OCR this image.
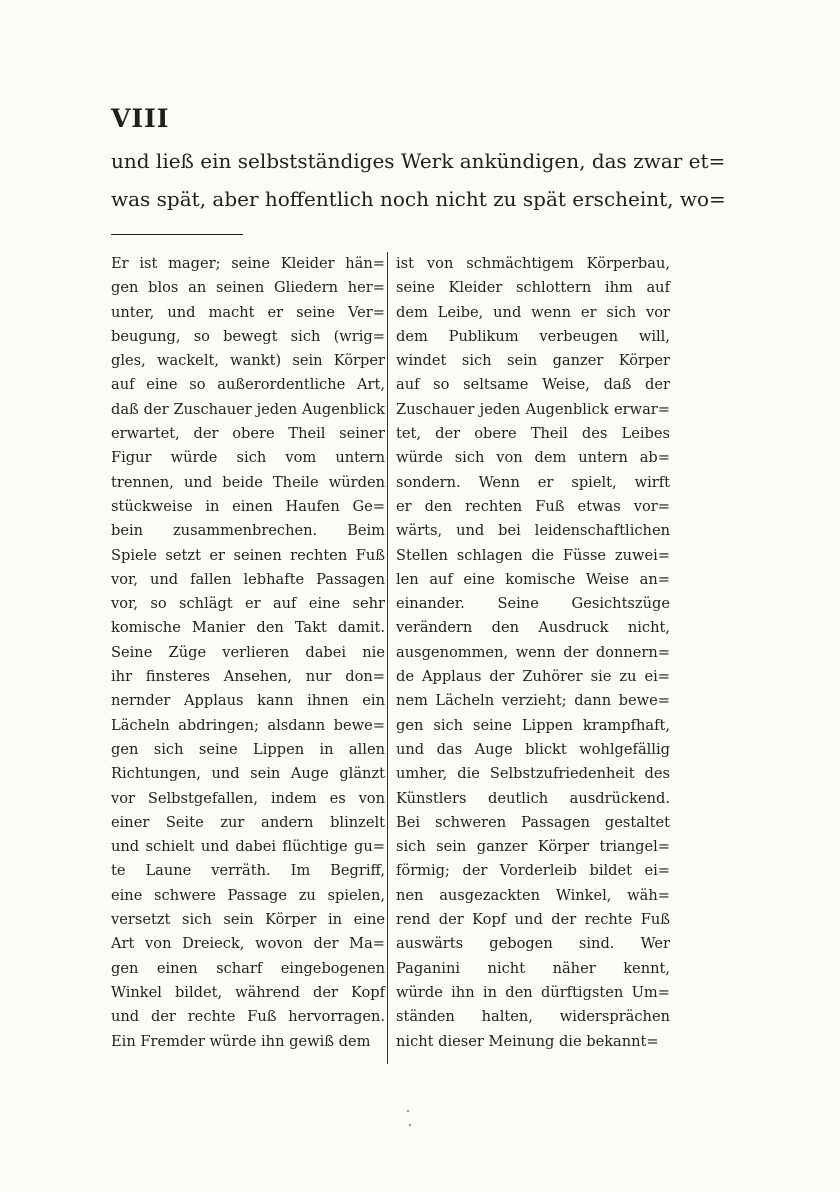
VIII
und ließ ein selbstständiges Werk ankündigen, das zwar et=
was spät, aber hoffentlich noch nicht zu spät erscheint, wo=
Er ist mager; seine Kleider hän=
gen blos an seinen Gliedern her=
unter, und macht er seine Ver=
beugung, so bewegt sich (wrig=
gles, wackelt, wankt) sein Körper
auf eine so außerordentliche Art,
daß der Zuschauer jeden Augenblick
erwartet, der obere Theil seiner
Figur würde sich vom untern
trennen, und beide Theile würden
stückweise in einen Haufen Ge=
bein zusammenbrechen. Beim
Spiele setzt er seinen rechten Fuß
vor, und fallen lebhafte Passagen
vor, so schlägt er auf eine sehr
komische Manier den Takt damit.
Seine Züge verlieren dabei nie
ihr finsteres Ansehen, nur don=
nernder Applaus kann ihnen ein
Lächeln abdringen; alsdann bewe=
gen sich seine Lippen in allen
Richtungen, und sein Auge glänzt
vor Selbstgefallen, indem es von
einer Seite zur andern blinzelt
und schielt und dabei flüchtige gu=
te Laune verräth. Im Begriff,
eine schwere Passage zu spielen,
versetzt sich sein Körper in eine
Art von Dreieck, wovon der Ma=
gen einen scharf eingebogenen
Winkel bildet, während der Kopf
und der rechte Fuß hervorragen.
Ein Fremder würde ihn gewiß dem
ist von schmächtigem Körperbau,
seine Kleider schlottern ihm auf
dem Leibe, und wenn er sich vor
dem Publikum verbeugen will,
windet sich sein ganzer Körper
auf so seltsame Weise, daß der
Zuschauer jeden Augenblick erwar=
tet, der obere Theil des Leibes
würde sich von dem untern ab=
sondern. Wenn er spielt, wirft
er den rechten Fuß etwas vor=
wärts, und bei leidenschaftlichen
Stellen schlagen die Füsse zuwei=
len auf eine komische Weise an=
einander. Seine Gesichtszüge
verändern den Ausdruck nicht,
ausgenommen, wenn der donnern=
de Applaus der Zuhörer sie zu ei=
nem Lächeln verzieht; dann bewe=
gen sich seine Lippen krampfhaft,
und das Auge blickt wohlgefällig
umher, die Selbstzufriedenheit des
Künstlers deutlich ausdrückend.
Bei schweren Passagen gestaltet
sich sein ganzer Körper triangel=
förmig; der Vorderleib bildet ei=
nen ausgezackten Winkel, wäh=
rend der Kopf und der rechte Fuß
auswärts gebogen sind. Wer
Paganini nicht näher kennt,
würde ihn in den dürftigsten Um=
ständen halten, widersprächen
nicht dieser Meinung die bekannt=
